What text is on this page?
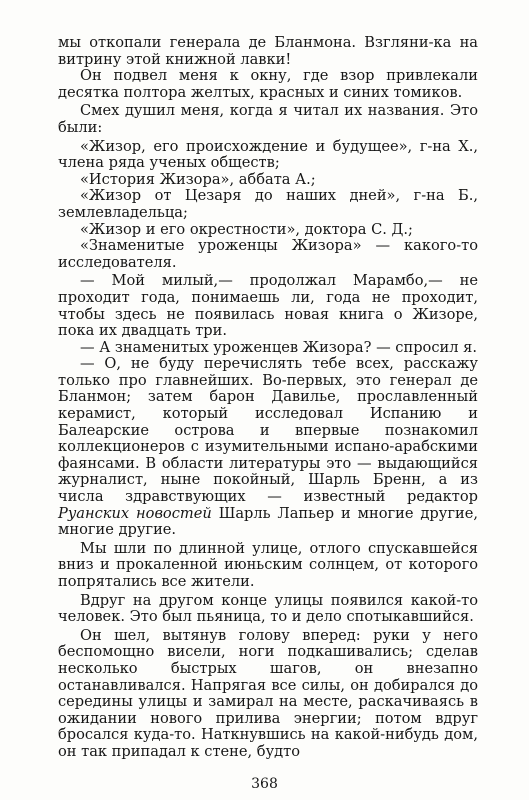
мы откопали генерала де Бланмона. Взгляни-ка на витрину этой книжной лавки!

Он подвел меня к окну, где взор привлекали десятка полтора желтых, красных и синих томиков.

Смех душил меня, когда я читал их названия. Это были:

«Жизор, его происхождение и будущее», г-на Х., члена ряда ученых обществ;

«История Жизора», аббата А.;

«Жизор от Цезаря до наших дней», г-на Б., землевладельца;

«Жизор и его окрестности», доктора С. Д.;

«Знаменитые уроженцы Жизора» — какого-то исследователя.

— Мой милый,— продолжал Марамбо,— не проходит года, понимаешь ли, года не проходит, чтобы здесь не появилась новая книга о Жизоре, пока их двадцать три.

— А знаменитых уроженцев Жизора? — спросил я.

— О, не буду перечислять тебе всех, расскажу только про главнейших. Во-первых, это генерал де Бланмон; затем барон Давилье, прославленный керамист, который исследовал Испанию и Балеарские острова и впервые познакомил коллекционеров с изумительными испано-арабскими фаянсами. В области литературы это — выдающийся журналист, ныне покойный, Шарль Бренн, а из числа здравствующих — известный редактор Руанских новостей Шарль Лапьер и многие другие, многие другие.

Мы шли по длинной улице, отлого спускавшейся вниз и прокаленной июньским солнцем, от которого попрятались все жители.

Вдруг на другом конце улицы появился какой-то человек. Это был пьяница, то и дело спотыкавшийся.

Он шел, вытянув голову вперед: руки у него беспомощно висели, ноги подкашивались; сделав несколько быстрых шагов, он внезапно останавливался. Напрягая все силы, он добирался до середины улицы и замирал на месте, раскачиваясь в ожидании нового прилива энергии; потом вдруг бросался куда-то. Наткнувшись на какой-нибудь дом, он так припадал к стене, будто

368
